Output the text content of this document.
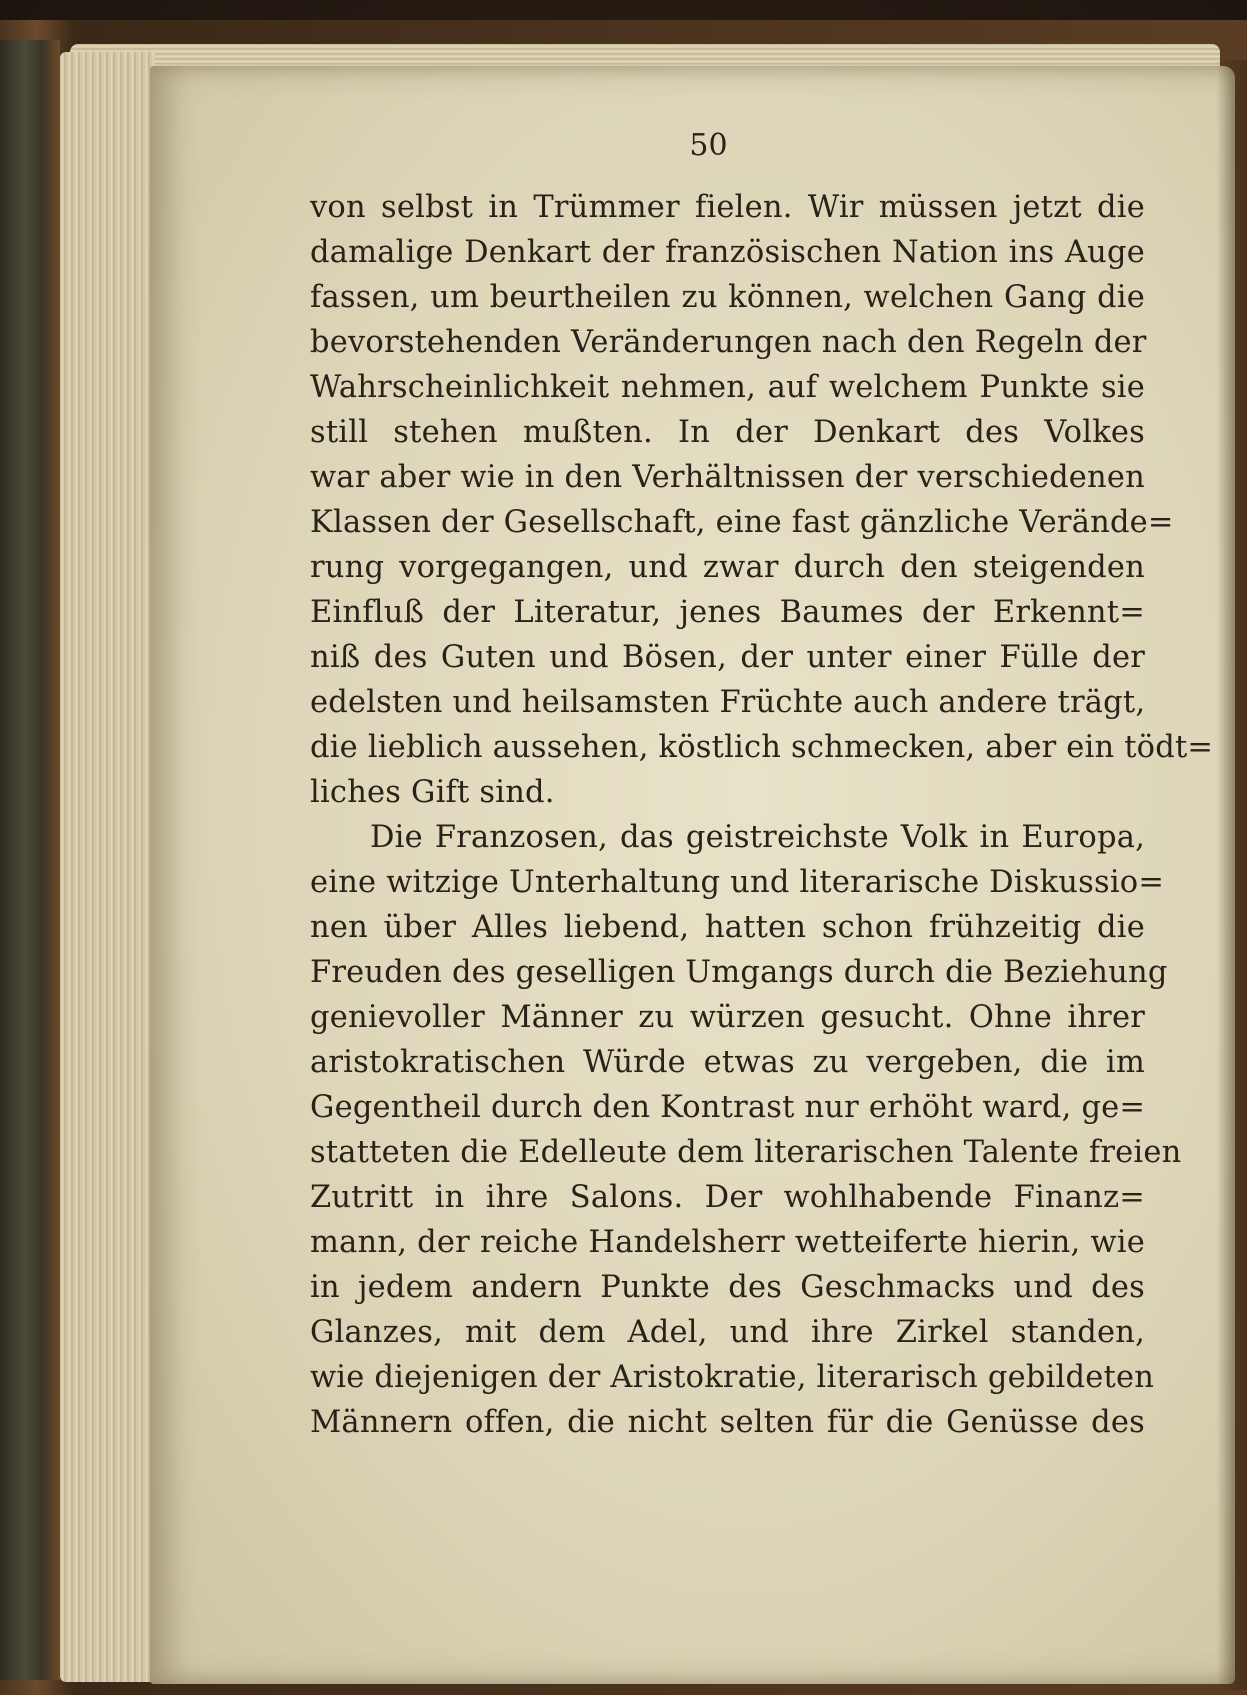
50

von selbst in Trümmer fielen. Wir müssen jetzt die
damalige Denkart der französischen Nation ins Auge
fassen, um beurtheilen zu können, welchen Gang die
bevorstehenden Veränderungen nach den Regeln der
Wahrscheinlichkeit nehmen, auf welchem Punkte sie
still stehen mußten. In der Denkart des Volkes
war aber wie in den Verhältnissen der verschiedenen
Klassen der Gesellschaft, eine fast gänzliche Verände=
rung vorgegangen, und zwar durch den steigenden
Einfluß der Literatur, jenes Baumes der Erkennt=
niß des Guten und Bösen, der unter einer Fülle der
edelsten und heilsamsten Früchte auch andere trägt,
die lieblich aussehen, köstlich schmecken, aber ein tödt=
liches Gift sind.
Die Franzosen, das geistreichste Volk in Europa,
eine witzige Unterhaltung und literarische Diskussio=
nen über Alles liebend, hatten schon frühzeitig die
Freuden des geselligen Umgangs durch die Beziehung
genievoller Männer zu würzen gesucht. Ohne ihrer
aristokratischen Würde etwas zu vergeben, die im
Gegentheil durch den Kontrast nur erhöht ward, ge=
statteten die Edelleute dem literarischen Talente freien
Zutritt in ihre Salons. Der wohlhabende Finanz=
mann, der reiche Handelsherr wetteiferte hierin, wie
in jedem andern Punkte des Geschmacks und des
Glanzes, mit dem Adel, und ihre Zirkel standen,
wie diejenigen der Aristokratie, literarisch gebildeten
Männern offen, die nicht selten für die Genüsse des
